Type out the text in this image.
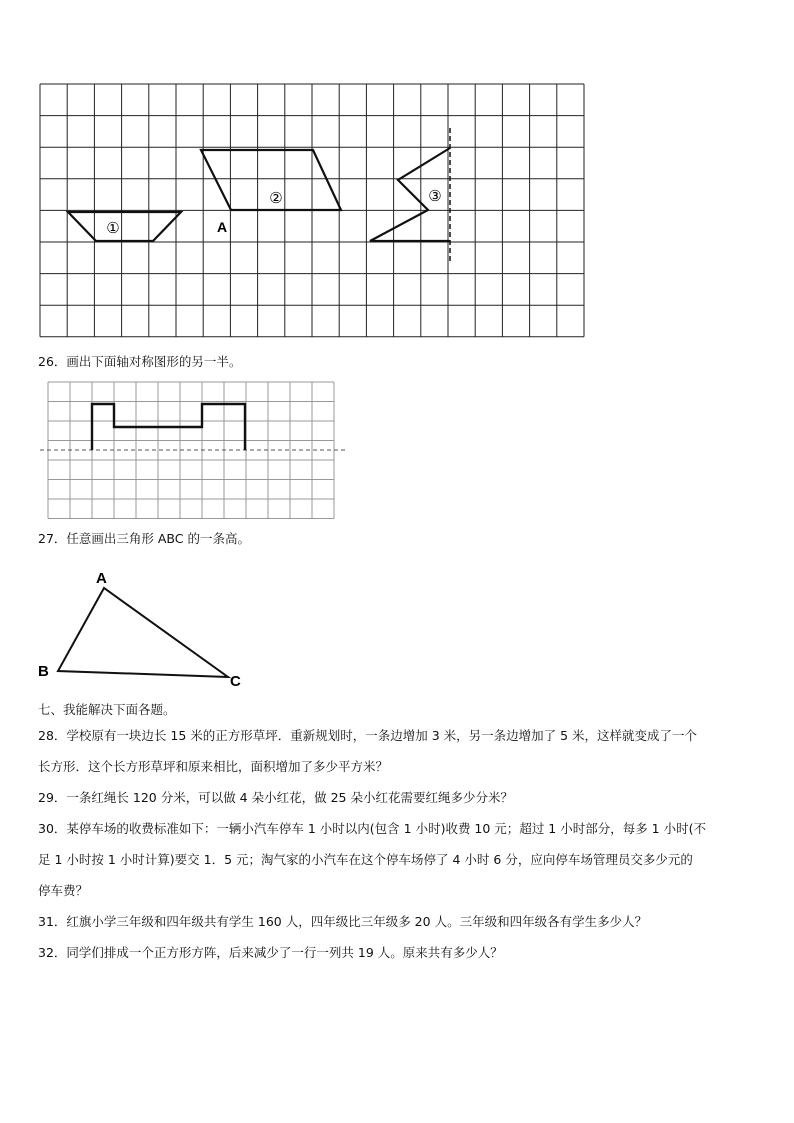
①
②	③
A
26．画出下面轴对称图形的另一半。
27．任意画出三角形 ABC 的一条高。
A
B
C
七、我能解决下面各题。
28．学校原有一块边长 15 米的正方形草坪．重新规划时，一条边增加 3 米，另一条边增加了 5 米，这样就变成了一个
长方形．这个长方形草坪和原来相比，面积增加了多少平方米？
29．一条红绳长 120 分米，可以做 4 朵小红花，做 25 朵小红花需要红绳多少分米？
30．某停车场的收费标准如下：一辆小汽车停车 1 小时以内(包含 1 小时)收费 10 元；超过 1 小时部分，每多 1 小时(不
足 1 小时按 1 小时计算)要交 1．5 元；淘气家的小汽车在这个停车场停了 4 小时 6 分，应向停车场管理员交多少元的
停车费？
31．红旗小学三年级和四年级共有学生 160 人，四年级比三年级多 20 人。三年级和四年级各有学生多少人？
32．同学们排成一个正方形方阵，后来减少了一行一列共 19 人。原来共有多少人？
